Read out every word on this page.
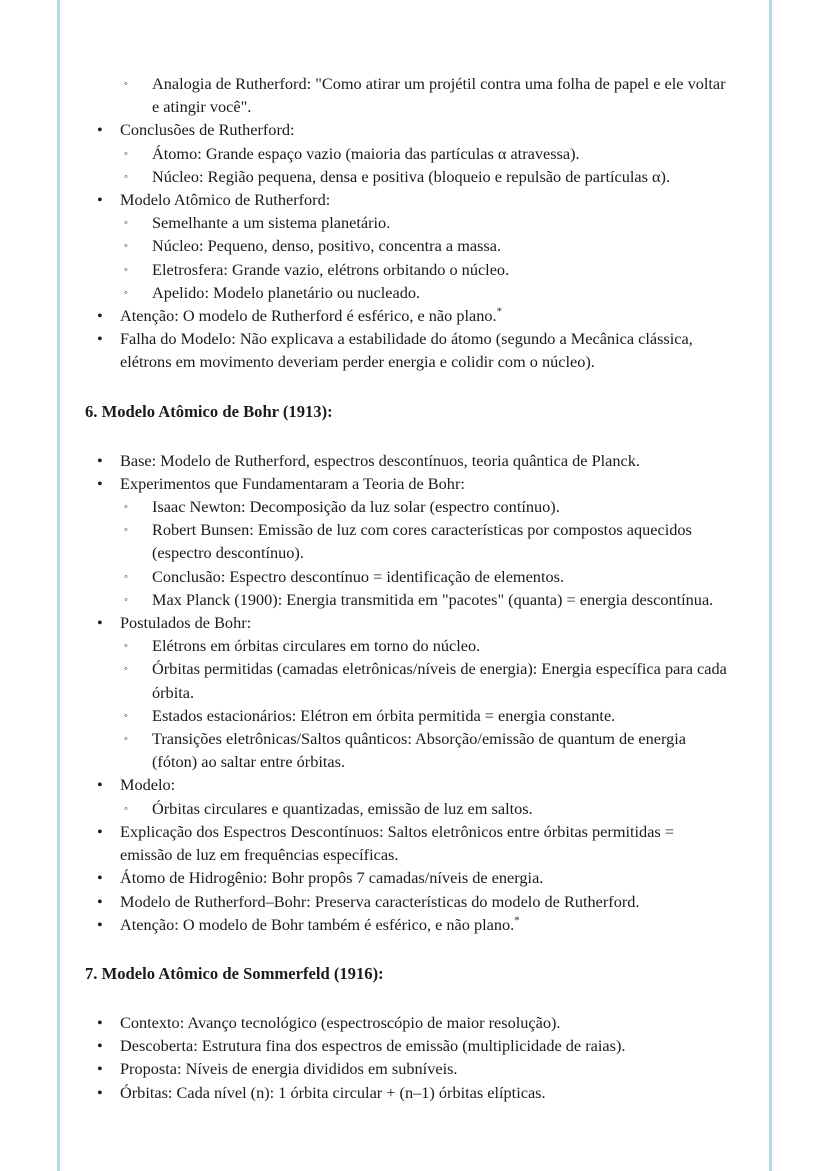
◦ Analogia de Rutherford: "Como atirar um projétil contra uma folha de papel e ele voltar e atingir você".
• Conclusões de Rutherford:
◦ Átomo: Grande espaço vazio (maioria das partículas α atravessa).
◦ Núcleo: Região pequena, densa e positiva (bloqueio e repulsão de partículas α).
• Modelo Atômico de Rutherford:
◦ Semelhante a um sistema planetário.
◦ Núcleo: Pequeno, denso, positivo, concentra a massa.
◦ Eletrosfera: Grande vazio, elétrons orbitando o núcleo.
◦ Apelido: Modelo planetário ou nucleado.
• Atenção: O modelo de Rutherford é esférico, e não plano.*
• Falha do Modelo: Não explicava a estabilidade do átomo (segundo a Mecânica clássica, elétrons em movimento deveriam perder energia e colidir com o núcleo).
6. Modelo Atômico de Bohr (1913):
• Base: Modelo de Rutherford, espectros descontínuos, teoria quântica de Planck.
• Experimentos que Fundamentaram a Teoria de Bohr:
◦ Isaac Newton: Decomposição da luz solar (espectro contínuo).
◦ Robert Bunsen: Emissão de luz com cores características por compostos aquecidos (espectro descontínuo).
◦ Conclusão: Espectro descontínuo = identificação de elementos.
◦ Max Planck (1900): Energia transmitida em "pacotes" (quanta) = energia descontínua.
• Postulados de Bohr:
◦ Elétrons em órbitas circulares em torno do núcleo.
◦ Órbitas permitidas (camadas eletrônicas/níveis de energia): Energia específica para cada órbita.
◦ Estados estacionários: Elétron em órbita permitida = energia constante.
◦ Transições eletrônicas/Saltos quânticos: Absorção/emissão de quantum de energia (fóton) ao saltar entre órbitas.
• Modelo:
◦ Órbitas circulares e quantizadas, emissão de luz em saltos.
• Explicação dos Espectros Descontínuos: Saltos eletrônicos entre órbitas permitidas = emissão de luz em frequências específicas.
• Átomo de Hidrogênio: Bohr propôs 7 camadas/níveis de energia.
• Modelo de Rutherford–Bohr: Preserva características do modelo de Rutherford.
• Atenção: O modelo de Bohr também é esférico, e não plano.*
7. Modelo Atômico de Sommerfeld (1916):
• Contexto: Avanço tecnológico (espectroscópio de maior resolução).
• Descoberta: Estrutura fina dos espectros de emissão (multiplicidade de raias).
• Proposta: Níveis de energia divididos em subníveis.
• Órbitas: Cada nível (n): 1 órbita circular + (n–1) órbitas elípticas.
